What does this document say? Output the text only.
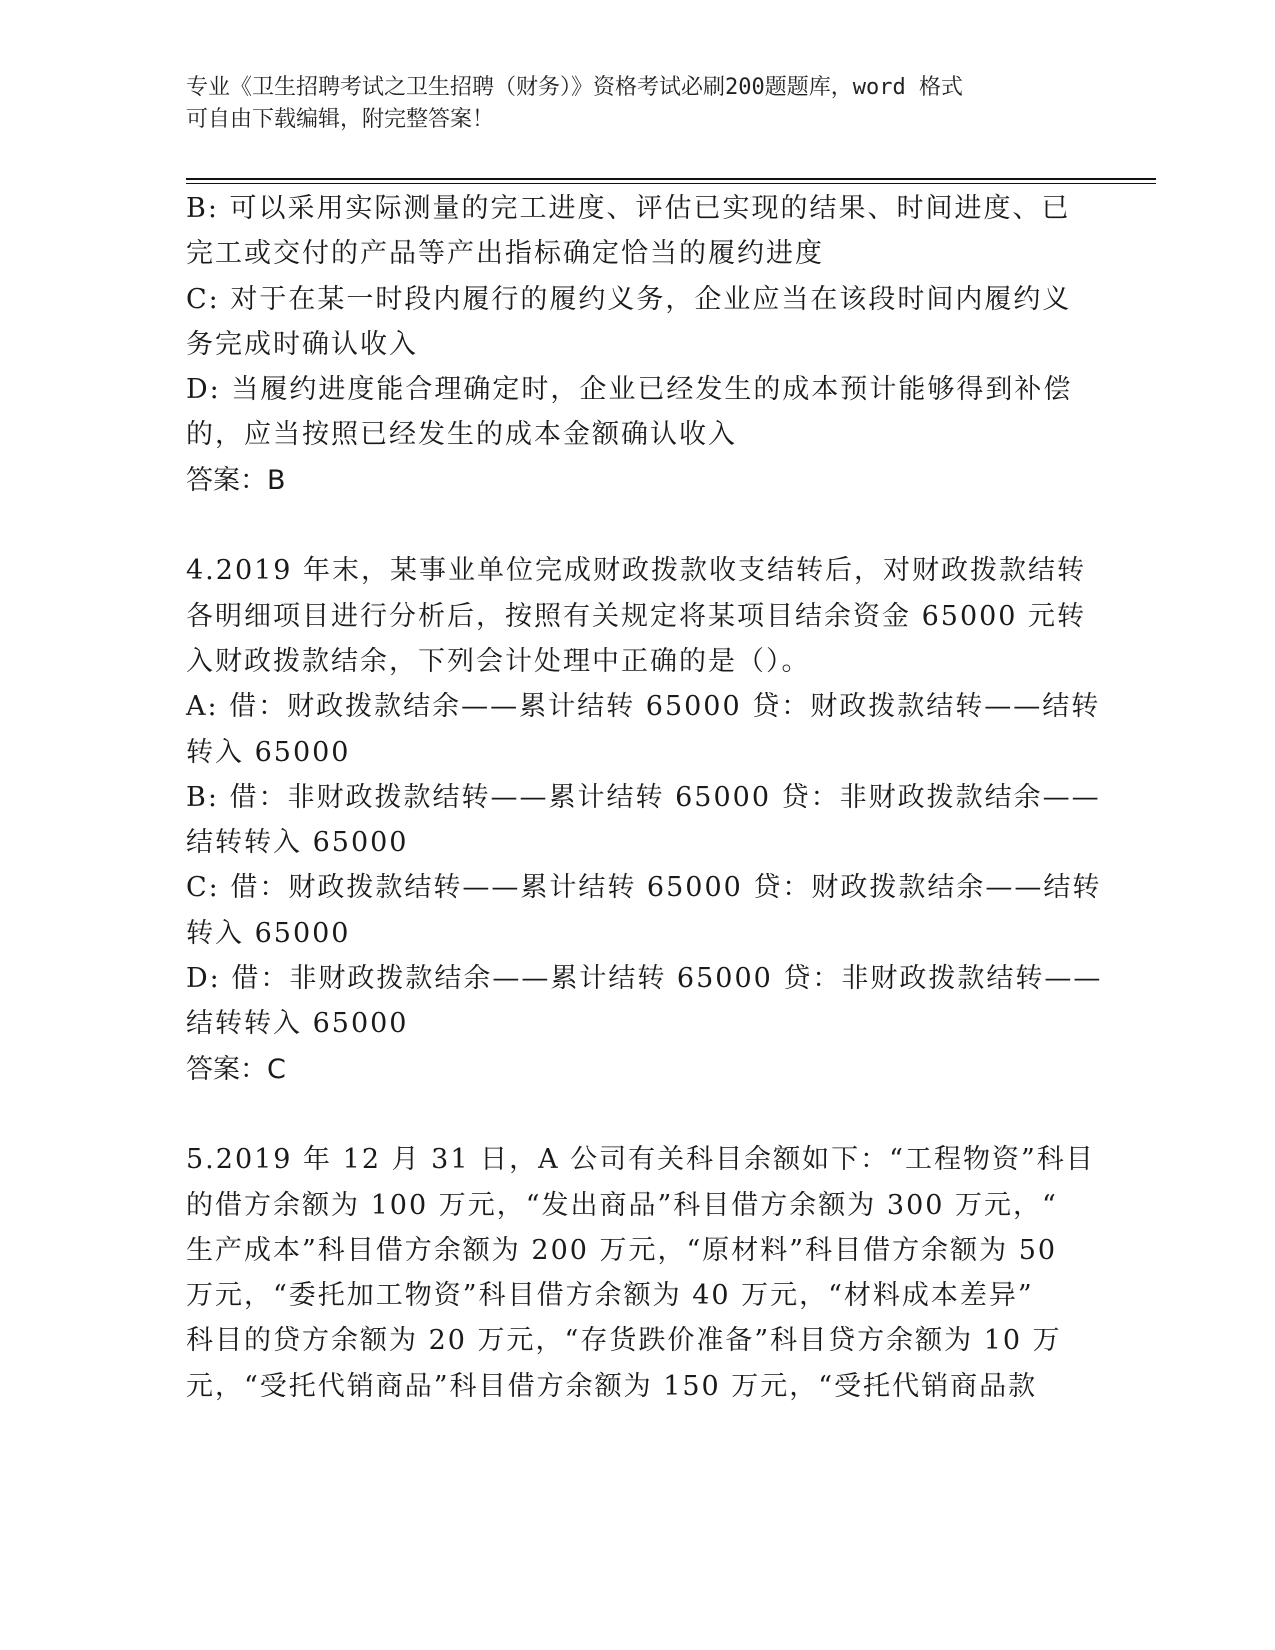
专业《卫生招聘考试之卫生招聘（财务）》资格考试必刷200题题库，word 格式
可自由下载编辑，附完整答案！
B: 可以采用实际测量的完工进度、评估已实现的结果、时间进度、已
完工或交付的产品等产出指标确定恰当的履约进度
C: 对于在某一时段内履行的履约义务，企业应当在该段时间内履约义
务完成时确认收入
D: 当履约进度能合理确定时，企业已经发生的成本预计能够得到补偿
的，应当按照已经发生的成本金额确认收入
答案：B
4.2019 年末，某事业单位完成财政拨款收支结转后，对财政拨款结转
各明细项目进行分析后，按照有关规定将某项目结余资金 65000 元转
入财政拨款结余，下列会计处理中正确的是（）。
A: 借：财政拨款结余——累计结转 65000 贷：财政拨款结转——结转
转入 65000
B: 借：非财政拨款结转——累计结转 65000 贷：非财政拨款结余——
结转转入 65000
C: 借：财政拨款结转——累计结转 65000 贷：财政拨款结余——结转
转入 65000
D: 借：非财政拨款结余——累计结转 65000 贷：非财政拨款结转——
结转转入 65000
答案：C
5.2019 年 12 月 31 日，A 公司有关科目余额如下：“工程物资”科目
的借方余额为 100 万元，“发出商品”科目借方余额为 300 万元，“
生产成本”科目借方余额为 200 万元，“原材料”科目借方余额为 50
万元，“委托加工物资”科目借方余额为 40 万元，“材料成本差异”
科目的贷方余额为 20 万元，“存货跌价准备”科目贷方余额为 10 万
元，“受托代销商品”科目借方余额为 150 万元，“受托代销商品款
